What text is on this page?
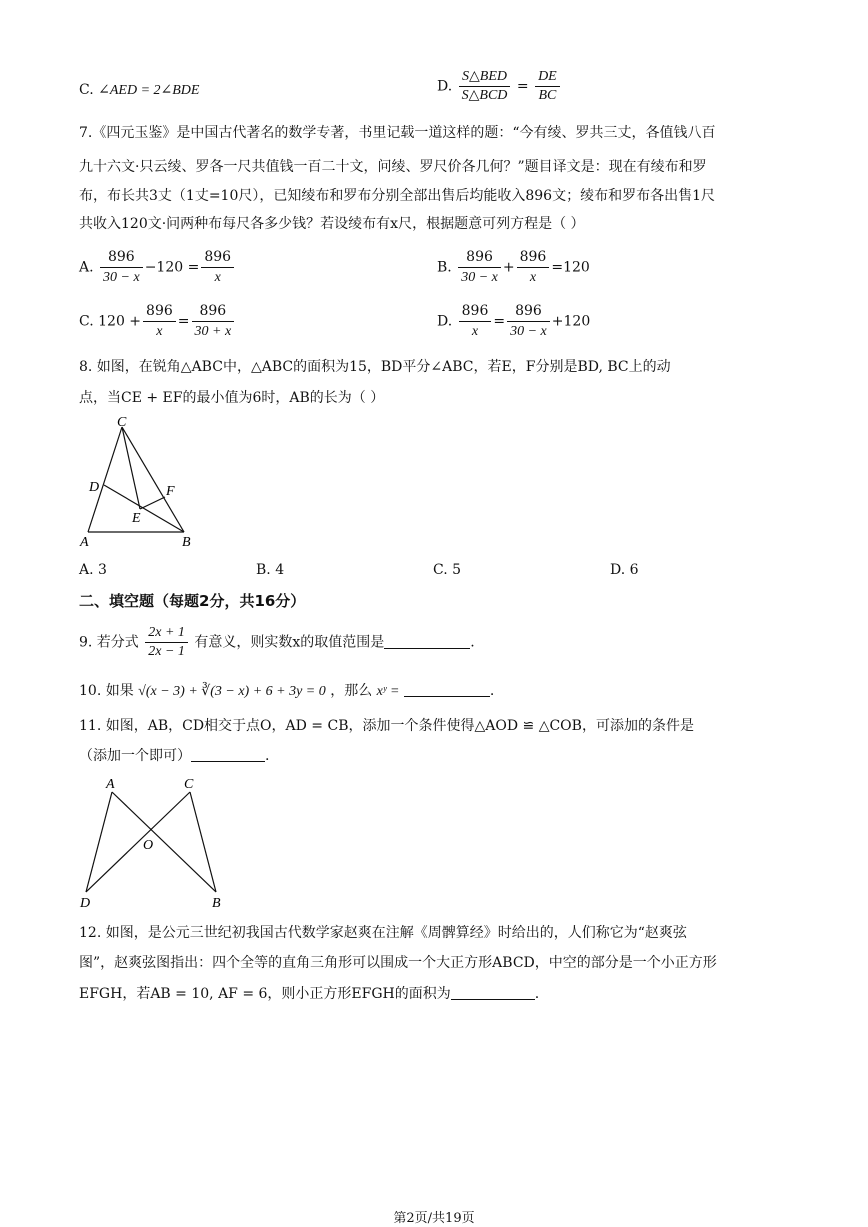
C. ∠AED = 2∠BDE	D. $\frac{\text{S△BED}}{\text{S△BCD}} = \frac{DE}{BC}$
7.《四元玉鉴》是中国古代著名的数学专著，书里记载一道这样的题：“今有绫、罗共三丈，各值钱八百
九十六文·只云绫、罗各一尺共值钱一百二十文，问绫、罗尺价各几何？”题目译文是：现在有绫布和罗
布，布长共3丈（1丈=10尺），已知绫布和罗布分别全部出售后均能收入896文；绫布和罗布各出售1尺
共收入120文·问两种布每尺各多少钱？若设绫布有x尺，根据题意可列方程是（ ）
A. $\frac{896}{30 - x} -120 = \frac{896}{x}$	B. $\frac{896}{30 - x} + \frac{896}{x} =120$
C. $120 + \frac{896}{x} = \frac{896}{30 + x}$	D. $\frac{896}{x} = \frac{896}{30 - x} +120$
8. 如图，在锐角△ABC中，△ABC的面积为15，BD平分∠ABC，若E，F分别是BD, BC上的动
点，当CE + EF的最小值为6时，AB的长为（ ）
C
D	F
E
A	B
A. 3	B. 4	C. 5	D. 6
二、填空题（每题2分，共16分）
9. 若分式 $\frac{2x + 1}{2x - 1}$ 有意义，则实数x的取值范围是	.
10. 如果 √(x − 3) + ∛(3 − x) + 6 + 3y = 0 ，那么 xʸ =	.
11. 如图，AB，CD相交于点O，AD = CB，添加一个条件使得△AOD ≌ △COB，可添加的条件是
（添加一个即可）	.
A	C
O
D	B
12. 如图，是公元三世纪初我国古代数学家赵爽在注解《周髀算经》时给出的，人们称它为“赵爽弦
图”，赵爽弦图指出：四个全等的直角三角形可以围成一个大正方形ABCD，中空的部分是一个小正方形
EFGH，若AB = 10, AF = 6，则小正方形EFGH的面积为	.
第2页/共19页
